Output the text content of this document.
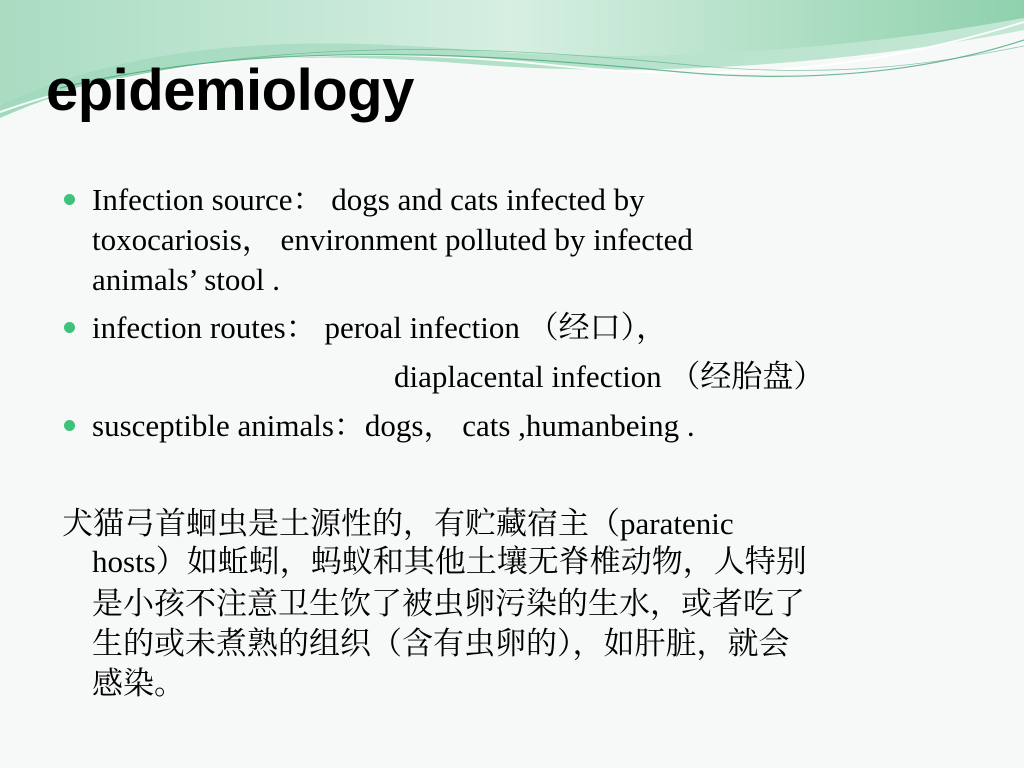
epidemiology
Infection source： dogs and cats infected by
toxocariosis， environment polluted by infected
animals’ stool .
infection routes： peroal infection （经口），
diaplacental infection （经胎盘）
susceptible animals：dogs， cats ,humanbeing .
犬猫弓首蛔虫是土源性的，有贮藏宿主（paratenic
hosts）如蚯蚓，蚂蚁和其他土壤无脊椎动物，人特别
是小孩不注意卫生饮了被虫卵污染的生水，或者吃了
生的或未煮熟的组织（含有虫卵的），如肝脏，就会
感染。
